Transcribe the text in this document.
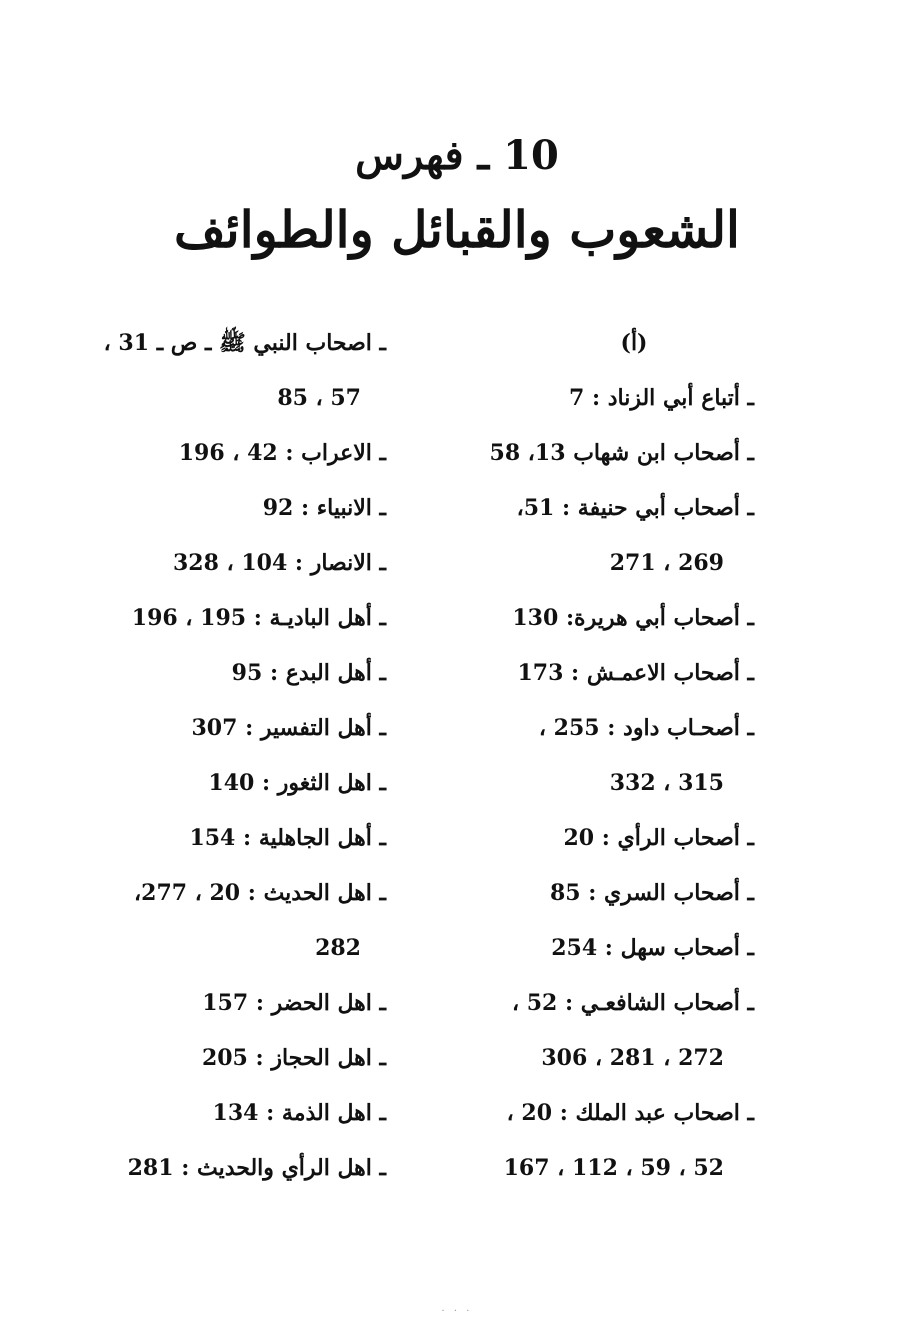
10 ـ فهرس
الشعوب والقبائل والطوائف
(أ)
ـ أتباع أبي الزناد : 7
ـ أصحاب ابن شهاب 13، 58
ـ أصحاب أبي حنيفة : 51،
269 ، 271
ـ أصحاب أبي هريرة: 130
ـ أصحاب الاعمـش : 173
ـ أصحـاب داود : 255 ،
315 ، 332
ـ أصحاب الرأي : 20
ـ أصحاب السري : 85
ـ أصحاب سهل : 254
ـ أصحاب الشافعـي : 52 ،
272 ، 281 ، 306
ـ اصحاب عبد الملك : 20 ،
52 ، 59 ، 112 ، 167
ـ اصحاب النبي ﷺ ـ ص ـ 31 ،
57 ، 85
ـ الاعراب : 42 ، 196
ـ الانبياء : 92
ـ الانصار : 104 ، 328
ـ أهل الباديـة : 195 ، 196
ـ أهل البدع : 95
ـ أهل التفسير : 307
ـ اهل الثغور : 140
ـ أهل الجاهلية : 154
ـ اهل الحديث : 20 ، 277،
282
ـ اهل الحضر : 157
ـ اهل الحجاز : 205
ـ اهل الذمة : 134
ـ اهل الرأي والحديث : 281
· · ·
